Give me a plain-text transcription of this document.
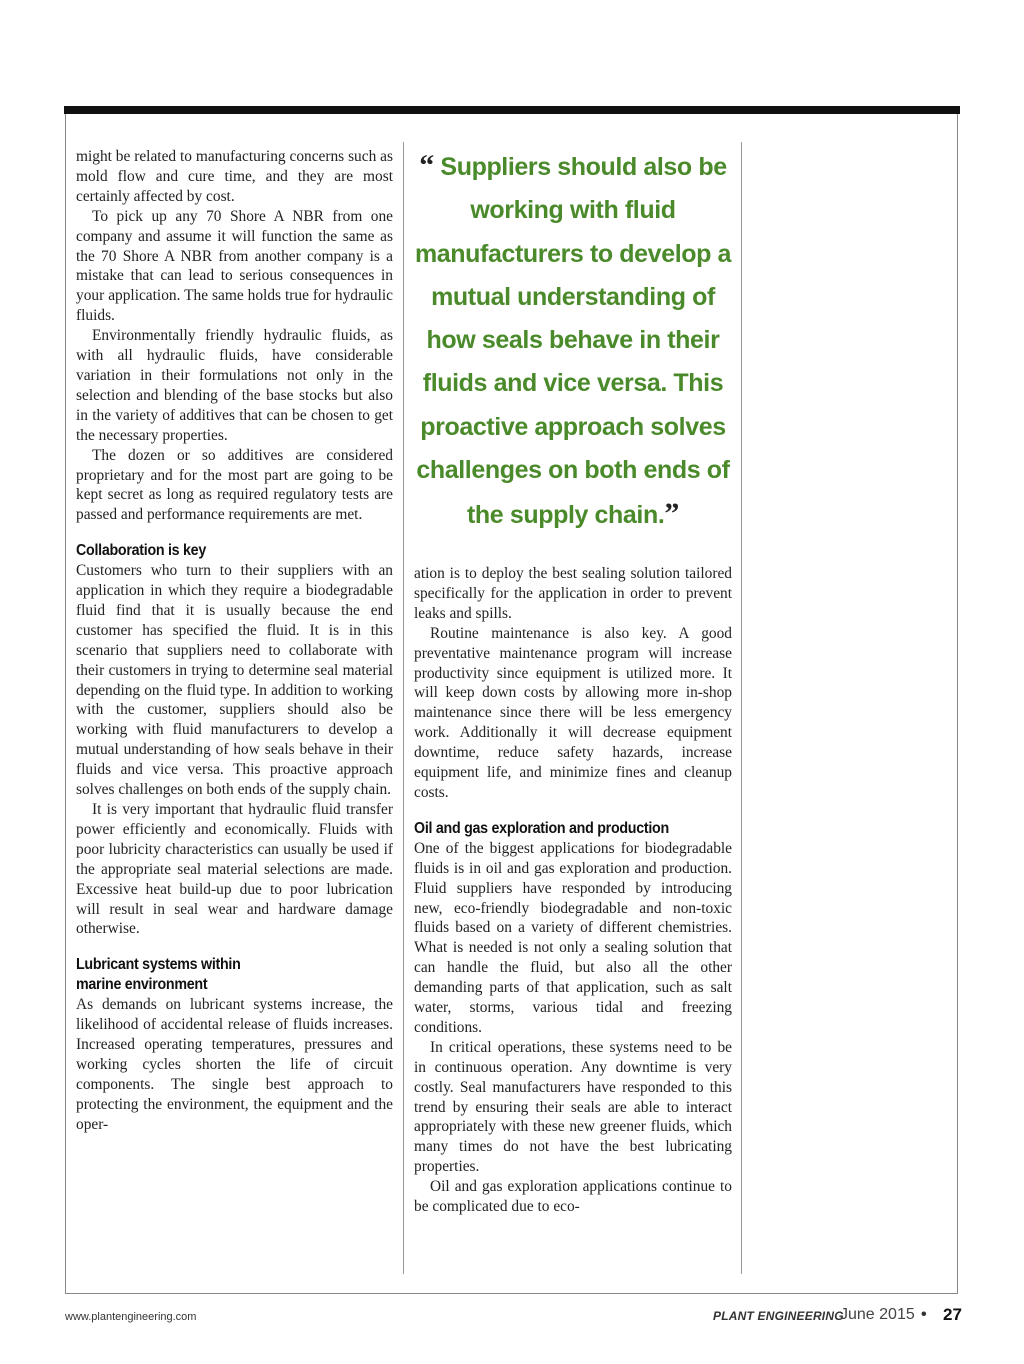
might be related to manufacturing concerns such as mold flow and cure time, and they are most certainly affected by cost.

To pick up any 70 Shore A NBR from one company and assume it will function the same as the 70 Shore A NBR from another company is a mistake that can lead to serious consequences in your application. The same holds true for hydraulic fluids.

Environmentally friendly hydraulic fluids, as with all hydraulic fluids, have considerable variation in their formulations not only in the selection and blending of the base stocks but also in the variety of additives that can be chosen to get the necessary properties.

The dozen or so additives are considered proprietary and for the most part are going to be kept secret as long as required regulatory tests are passed and performance requirements are met.

Collaboration is key

Customers who turn to their suppliers with an application in which they require a biodegradable fluid find that it is usually because the end customer has specified the fluid. It is in this scenario that suppliers need to collaborate with their customers in trying to determine seal material depending on the fluid type. In addition to working with the customer, suppliers should also be working with fluid manufacturers to develop a mutual understanding of how seals behave in their fluids and vice versa. This proactive approach solves challenges on both ends of the supply chain.

It is very important that hydraulic fluid transfer power efficiently and economically. Fluids with poor lubricity characteristics can usually be used if the appropriate seal material selections are made. Excessive heat build-up due to poor lubrication will result in seal wear and hardware damage otherwise.

Lubricant systems within
marine environment

As demands on lubricant systems increase, the likelihood of accidental release of fluids increases. Increased operating temperatures, pressures and working cycles shorten the life of circuit components. The single best approach to protecting the environment, the equipment and the oper-

“ Suppliers should also be working with fluid manufacturers to develop a mutual understanding of how seals behave in their fluids and vice versa. This proactive approach solves challenges on both ends of the supply chain.”

ation is to deploy the best sealing solution tailored specifically for the application in order to prevent leaks and spills.

Routine maintenance is also key. A good preventative maintenance program will increase productivity since equipment is utilized more. It will keep down costs by allowing more in-shop maintenance since there will be less emergency work. Additionally it will decrease equipment downtime, reduce safety hazards, increase equipment life, and minimize fines and cleanup costs.

Oil and gas exploration and production

One of the biggest applications for biodegradable fluids is in oil and gas exploration and production. Fluid suppliers have responded by introducing new, eco-friendly biodegradable and non-toxic fluids based on a variety of different chemistries. What is needed is not only a sealing solution that can handle the fluid, but also all the other demanding parts of that application, such as salt water, storms, various tidal and freezing conditions.

In critical operations, these systems need to be in continuous operation. Any downtime is very costly. Seal manufacturers have responded to this trend by ensuring their seals are able to interact appropriately with these new greener fluids, which many times do not have the best lubricating properties.

Oil and gas exploration applications continue to be complicated due to eco-

www.plantengineering.com	PLANT ENGINEERING
June 2015 • 27
